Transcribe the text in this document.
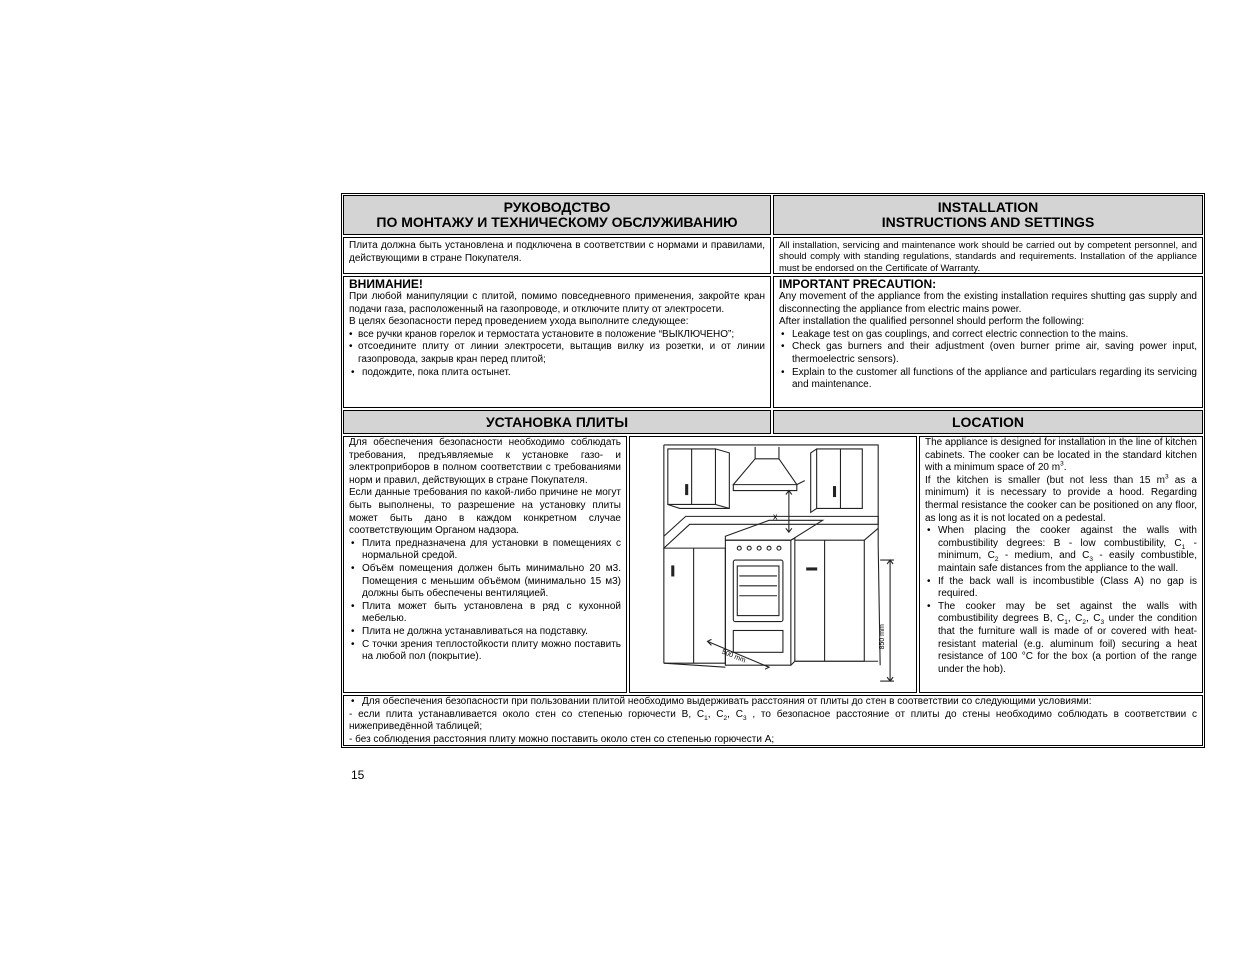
РУКОВОДСТВО
ПО МОНТАЖУ И ТЕХНИЧЕСКОМУ ОБСЛУЖИВАНИЮ
INSTALLATION
INSTRUCTIONS AND SETTINGS

Плита должна быть установлена и подключена в соответствии с нормами и правилами, действующими в стране Покупателя.

All installation, servicing and maintenance work should be carried out by competent personnel, and should comply with standing regulations, standards and requirements. Installation of the appliance must be endorsed on the Certificate of Warranty.

ВНИМАНИЕ!

При любой манипуляции с плитой, помимо повседневного применения, закройте кран подачи газа, расположенный на газопроводе, и отключите плиту от электросети.

В целях безопасности перед проведением ухода выполните следующее:

• все ручки кранов горелок и термостата установите в положение “ВЫКЛЮЧЕНО”;
• отсоедините плиту от линии электросети, вытащив вилку из розетки, и от линии газопровода, закрыв кран перед плитой;
• подождите, пока плита остынет.

IMPORTANT PRECAUTION:

Any movement of the appliance from the existing installation requires shutting gas supply and disconnecting the appliance from electric mains power.

After installation the qualified personnel should perform the following:

• Leakage test on gas couplings, and correct electric connection to the mains.
• Check gas burners and their adjustment (oven burner prime air, saving power input, thermoelectric sensors).
• Explain to the customer all functions of the appliance and particulars regarding its servicing and maintenance.
УСТАНОВКА ПЛИТЫ	LOCATION

Для обеспечения безопасности необходимо соблюдать требования, предъявляемые к установке газо- и электроприборов в полном соответствии с требованиями норм и правил, действующих в стране Покупателя.

Если данные требования по какой-либо причине не могут быть выполнены, то разрешение на установку плиты может быть дано в каждом конкретном случае соответствующим Органом надзора.

• Плита предназначена для установки в помещениях с нормальной средой.
• Объём помещения должен быть минимально 20 м3. Помещения с меньшим объёмом (минимально 15 м3) должны быть обеспечены вентиляцией.
• Плита может быть установлена в ряд с кухонной мебелью.
• Плита не должна устанавливаться на подставку.
• С точки зрения теплостойкости плиту можно поставить на любой пол (покрытие).
x
500 mm
850 mm

The appliance is designed for installation in the line of kitchen cabinets. The cooker can be located in the standard kitchen with a minimum space of 20 $m^3$.

If the kitchen is smaller (but not less than 15 $m^3$ as a minimum) it is necessary to provide a hood. Regarding thermal resistance the cooker can be positioned on any floor, as long as it is not located on a pedestal.

• When placing the cooker against the walls with combustibility degrees: B - low combustibility, $C_1$ - minimum, $C_2$ - medium, and $C_3$ - easily combustible, maintain safe distances from the appliance to the wall.
• If the back wall is incombustible (Class A) no gap is required.
• The cooker may be set against the walls with combustibility degrees B, $C_1$, $C_2$, $C_3$ under the condition that the furniture wall is made of or covered with heat-resistant material (e.g. aluminum foil) securing a heat resistance of 100 °C for the box (a portion of the range under the hob).
• Для обеспечения безопасности при пользовании плитой необходимо выдерживать расстояния от плиты до стен в соответствии со следующими условиями:

- если плита устанавливается около стен со степенью горючести B, $C_1$, $C_2$, $C_3$ , то безопасное расстояние от плиты до стены необходимо соблюдать в соответствии с нижеприведённой таблицей;

- без соблюдения расстояния плиту можно поставить около стен со степенью горючести А;

15
